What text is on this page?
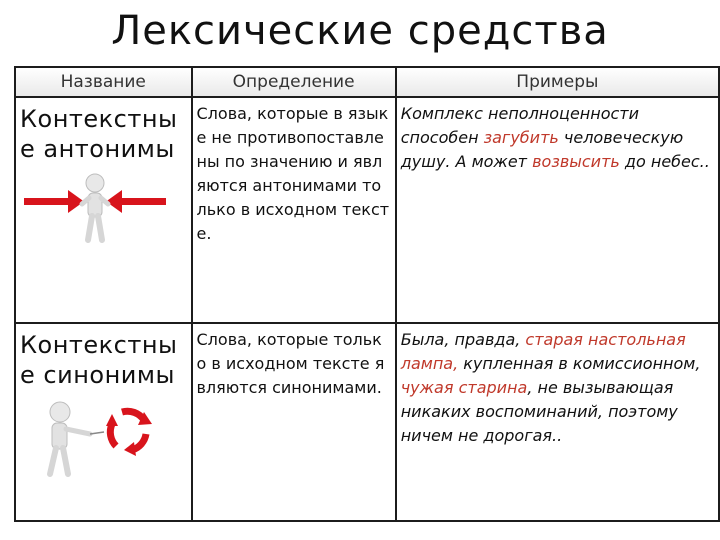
Лексические средства
Название	Определение	Примеры

Контекстные антонимы	Слова, которые в языке не противопоставлены по значению и являются антонимами только в исходном тексте.	Комплекс неполноценности способен загубить человеческую душу. А может возвысить до небес..

Контекстные синонимы	Слова, которые только в исходном тексте являются синонимами.	Была, правда, старая настольная лампа, купленная в комиссионном, чужая старина, не вызывающая никаких воспоминаний, поэтому ничем не дорогая..
